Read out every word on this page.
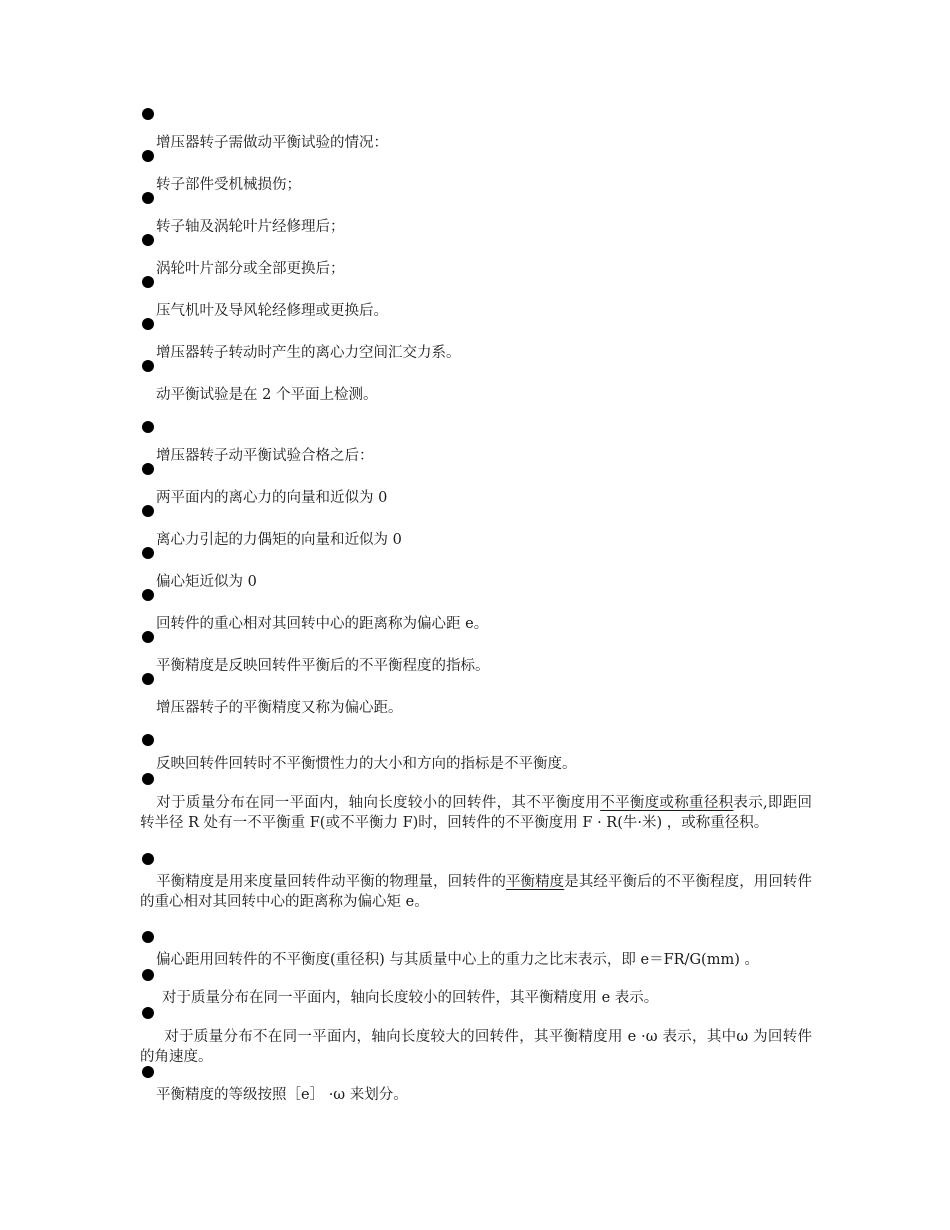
增压器转子需做动平衡试验的情况：
转子部件受机械损伤；
转子轴及涡轮叶片经修理后；
涡轮叶片部分或全部更换后；
压气机叶及导风轮经修理或更换后。
增压器转子转动时产生的离心力空间汇交力系。
动平衡试验是在 2 个平面上检测。
增压器转子动平衡试验合格之后：
两平面内的离心力的向量和近似为 0
离心力引起的力偶矩的向量和近似为 0
偏心矩近似为 0
回转件的重心相对其回转中心的距离称为偏心距 e。
平衡精度是反映回转件平衡后的不平衡程度的指标。
增压器转子的平衡精度又称为偏心距。
反映回转件回转时不平衡惯性力的大小和方向的指标是不平衡度。
对于质量分布在同一平面内，轴向长度较小的回转件，其不平衡度用不平衡度或称重径积表示,即距回转半径 R 处有一不平衡重 F(或不平衡力 F)时，回转件的不平衡度用 F · R(牛·米) ，或称重径积。
平衡精度是用来度量回转件动平衡的物理量，回转件的平衡精度是其经平衡后的不平衡程度，用回转件的重心相对其回转中心的距离称为偏心矩 e。
偏心距用回转件的不平衡度(重径积) 与其质量中心上的重力之比末表示，即 e＝FR/G(mm) 。
对于质量分布在同一平面内，轴向长度较小的回转件，其平衡精度用 e 表示。
对于质量分布不在同一平面内，轴向长度较大的回转件，其平衡精度用 e ·ω 表示，其中ω 为回转件的角速度。
平衡精度的等级按照［e］ ·ω 来划分。
